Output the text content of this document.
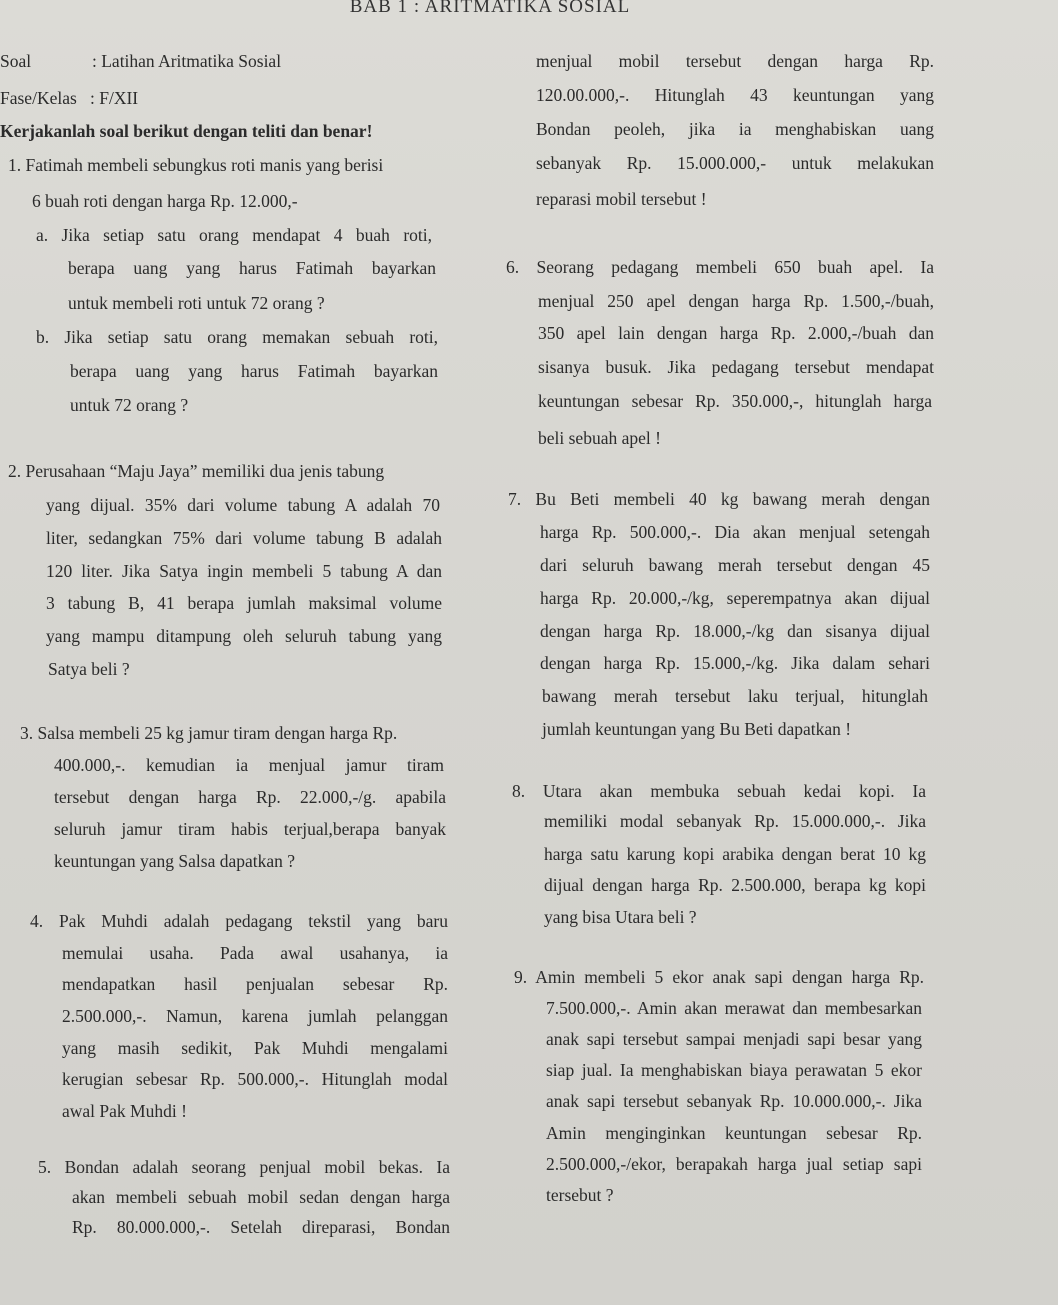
BAB 1 : ARITMATIKA SOSIAL
Soal	: Latihan Aritmatika Sosial
Fase/Kelas : F/XII
Kerjakanlah soal berikut dengan teliti dan benar!
1. Fatimah membeli sebungkus roti manis yang berisi
6 buah roti dengan harga Rp. 12.000,-
a. Jika setiap satu orang mendapat 4 buah roti,
berapa uang yang harus Fatimah bayarkan
untuk membeli roti untuk 72 orang ?
b. Jika setiap satu orang memakan sebuah roti,
berapa uang yang harus Fatimah bayarkan
untuk 72 orang ?
2. Perusahaan “Maju Jaya” memiliki dua jenis tabung
yang dijual. 35% dari volume tabung A adalah 70
liter, sedangkan 75% dari volume tabung B adalah
120 liter. Jika Satya ingin membeli 5 tabung A dan
3 tabung B, 41 berapa jumlah maksimal volume
yang mampu ditampung oleh seluruh tabung yang
Satya beli ?
3. Salsa membeli 25 kg jamur tiram dengan harga Rp.
400.000,-. kemudian ia menjual jamur tiram
tersebut dengan harga Rp. 22.000,-/g. apabila
seluruh jamur tiram habis terjual,berapa banyak
keuntungan yang Salsa dapatkan ?
4. Pak Muhdi adalah pedagang tekstil yang baru
memulai usaha. Pada awal usahanya, ia
mendapatkan hasil penjualan sebesar Rp.
2.500.000,-. Namun, karena jumlah pelanggan
yang masih sedikit, Pak Muhdi mengalami
kerugian sebesar Rp. 500.000,-. Hitunglah modal
awal Pak Muhdi !
5. Bondan adalah seorang penjual mobil bekas. Ia
akan membeli sebuah mobil sedan dengan harga
Rp. 80.000.000,-. Setelah direparasi, Bondan
menjual mobil tersebut dengan harga Rp.
120.00.000,-. Hitunglah 43 keuntungan yang
Bondan peoleh, jika ia menghabiskan uang
sebanyak Rp. 15.000.000,- untuk melakukan
reparasi mobil tersebut !
6. Seorang pedagang membeli 650 buah apel. Ia
menjual 250 apel dengan harga Rp. 1.500,-/buah,
350 apel lain dengan harga Rp. 2.000,-/buah dan
sisanya busuk. Jika pedagang tersebut mendapat
keuntungan sebesar Rp. 350.000,-, hitunglah harga
beli sebuah apel !
7. Bu Beti membeli 40 kg bawang merah dengan
harga Rp. 500.000,-. Dia akan menjual setengah
dari seluruh bawang merah tersebut dengan 45
harga Rp. 20.000,-/kg, seperempatnya akan dijual
dengan harga Rp. 18.000,-/kg dan sisanya dijual
dengan harga Rp. 15.000,-/kg. Jika dalam sehari
bawang merah tersebut laku terjual, hitunglah
jumlah keuntungan yang Bu Beti dapatkan !
8. Utara akan membuka sebuah kedai kopi. Ia
memiliki modal sebanyak Rp. 15.000.000,-. Jika
harga satu karung kopi arabika dengan berat 10 kg
dijual dengan harga Rp. 2.500.000, berapa kg kopi
yang bisa Utara beli ?
9. Amin membeli 5 ekor anak sapi dengan harga Rp.
7.500.000,-. Amin akan merawat dan membesarkan
anak sapi tersebut sampai menjadi sapi besar yang
siap jual. Ia menghabiskan biaya perawatan 5 ekor
anak sapi tersebut sebanyak Rp. 10.000.000,-. Jika
Amin menginginkan keuntungan sebesar Rp.
2.500.000,-/ekor, berapakah harga jual setiap sapi
tersebut ?
